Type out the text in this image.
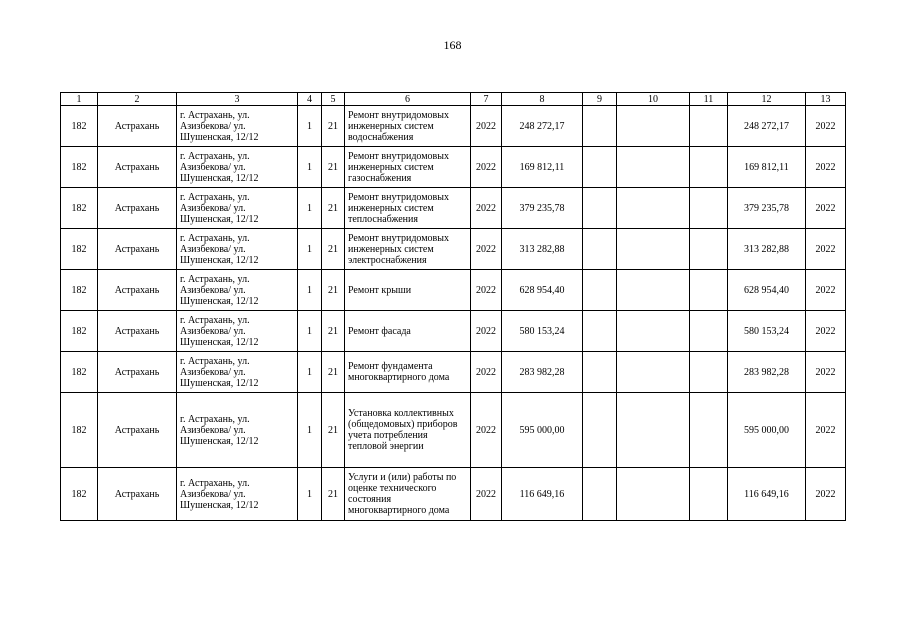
168
1	2	3	4	5	6	7	8	9	10	11	12	13
182	Астрахань	г. Астрахань, ул. Азизбекова/ ул. Шушенская, 12/12	1	21	Ремонт внутридомовых инженерных систем водоснабжения	2022	248 272,17				248 272,17	2022
182	Астрахань	г. Астрахань, ул. Азизбекова/ ул. Шушенская, 12/12	1	21	Ремонт внутридомовых инженерных систем газоснабжения	2022	169 812,11				169 812,11	2022
182	Астрахань	г. Астрахань, ул. Азизбекова/ ул. Шушенская, 12/12	1	21	Ремонт внутридомовых инженерных систем теплоснабжения	2022	379 235,78				379 235,78	2022
182	Астрахань	г. Астрахань, ул. Азизбекова/ ул. Шушенская, 12/12	1	21	Ремонт внутридомовых инженерных систем электроснабжения	2022	313 282,88				313 282,88	2022
182	Астрахань	г. Астрахань, ул. Азизбекова/ ул. Шушенская, 12/12	1	21	Ремонт крыши	2022	628 954,40				628 954,40	2022
182	Астрахань	г. Астрахань, ул. Азизбекова/ ул. Шушенская, 12/12	1	21	Ремонт фасада	2022	580 153,24				580 153,24	2022
182	Астрахань	г. Астрахань, ул. Азизбекова/ ул. Шушенская, 12/12	1	21	Ремонт фундамента многоквартирного дома	2022	283 982,28				283 982,28	2022
182	Астрахань	г. Астрахань, ул. Азизбекова/ ул. Шушенская, 12/12	1	21	Установка коллективных (общедомовых) приборов учета потребления тепловой энергии	2022	595 000,00				595 000,00	2022
182	Астрахань	г. Астрахань, ул. Азизбекова/ ул. Шушенская, 12/12	1	21	Услуги и (или) работы по оценке технического состояния многоквартирного дома	2022	116 649,16				116 649,16	2022
